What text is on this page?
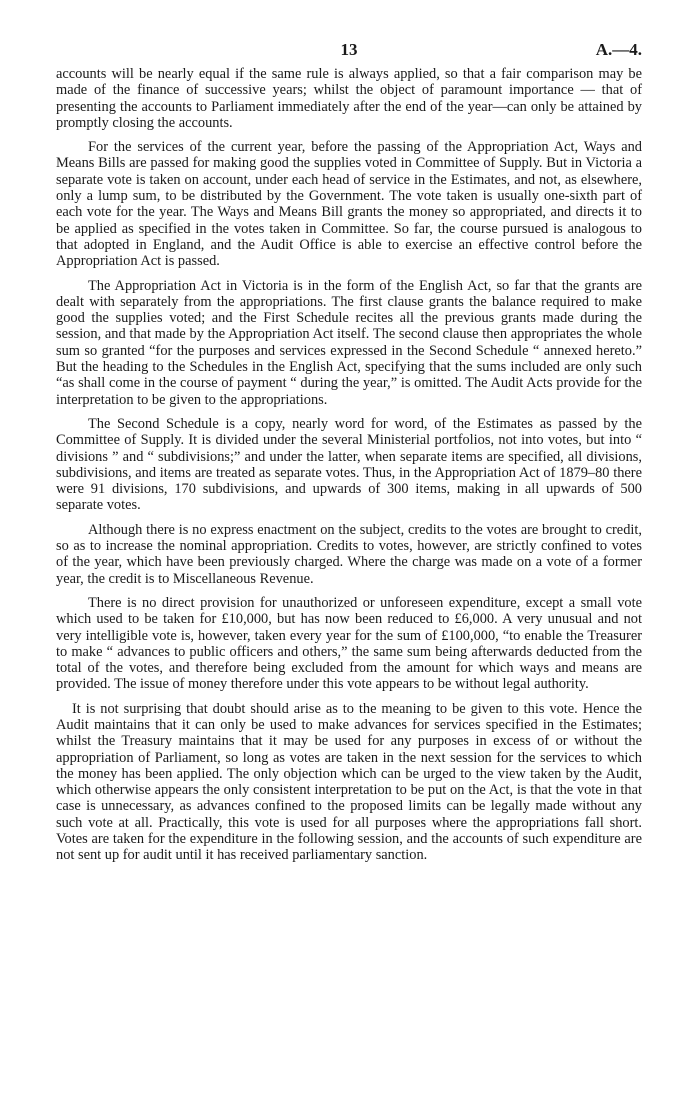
13	A.—4.

accounts will be nearly equal if the same rule is always applied, so that a fair comparison may be made of the finance of successive years; whilst the object of paramount importance — that of presenting the accounts to Parliament immediately after the end of the year—can only be attained by promptly closing the accounts.

For the services of the current year, before the passing of the Appropriation Act, Ways and Means Bills are passed for making good the supplies voted in Committee of Supply. But in Victoria a separate vote is taken on account, under each head of service in the Estimates, and not, as elsewhere, only a lump sum, to be distributed by the Government. The vote taken is usually one-sixth part of each vote for the year. The Ways and Means Bill grants the money so appropriated, and directs it to be applied as specified in the votes taken in Committee. So far, the course pursued is analogous to that adopted in England, and the Audit Office is able to exercise an effective control before the Appropriation Act is passed.

The Appropriation Act in Victoria is in the form of the English Act, so far that the grants are dealt with separately from the appropriations. The first clause grants the balance required to make good the supplies voted; and the First Schedule recites all the previous grants made during the session, and that made by the Appropriation Act itself. The second clause then appropriates the whole sum so granted “for the purposes and services expressed in the Second Schedule “ annexed hereto.” But the heading to the Schedules in the English Act, specifying that the sums included are only such “as shall come in the course of payment “ during the year,” is omitted. The Audit Acts provide for the interpretation to be given to the appropriations.

The Second Schedule is a copy, nearly word for word, of the Estimates as passed by the Committee of Supply. It is divided under the several Ministerial portfolios, not into votes, but into “ divisions ” and “ subdivisions;” and under the latter, when separate items are specified, all divisions, subdivisions, and items are treated as separate votes. Thus, in the Appropriation Act of 1879–80 there were 91 divisions, 170 subdivisions, and upwards of 300 items, making in all upwards of 500 separate votes.

Although there is no express enactment on the subject, credits to the votes are brought to credit, so as to increase the nominal appropriation. Credits to votes, however, are strictly confined to votes of the year, which have been previously charged. Where the charge was made on a vote of a former year, the credit is to Miscellaneous Revenue.

There is no direct provision for unauthorized or unforeseen expenditure, except a small vote which used to be taken for £10,000, but has now been reduced to £6,000. A very unusual and not very intelligible vote is, however, taken every year for the sum of £100,000, “to enable the Treasurer to make “ advances to public officers and others,” the same sum being afterwards deducted from the total of the votes, and therefore being excluded from the amount for which ways and means are provided. The issue of money therefore under this vote appears to be without legal authority.

It is not surprising that doubt should arise as to the meaning to be given to this vote. Hence the Audit maintains that it can only be used to make advances for services specified in the Estimates; whilst the Treasury maintains that it may be used for any purposes in excess of or without the appropriation of Parliament, so long as votes are taken in the next session for the services to which the money has been applied. The only objection which can be urged to the view taken by the Audit, which otherwise appears the only consistent interpretation to be put on the Act, is that the vote in that case is unnecessary, as advances confined to the proposed limits can be legally made without any such vote at all. Practically, this vote is used for all purposes where the appropriations fall short. Votes are taken for the expenditure in the following session, and the accounts of such expenditure are not sent up for audit until it has received parliamentary sanction.
